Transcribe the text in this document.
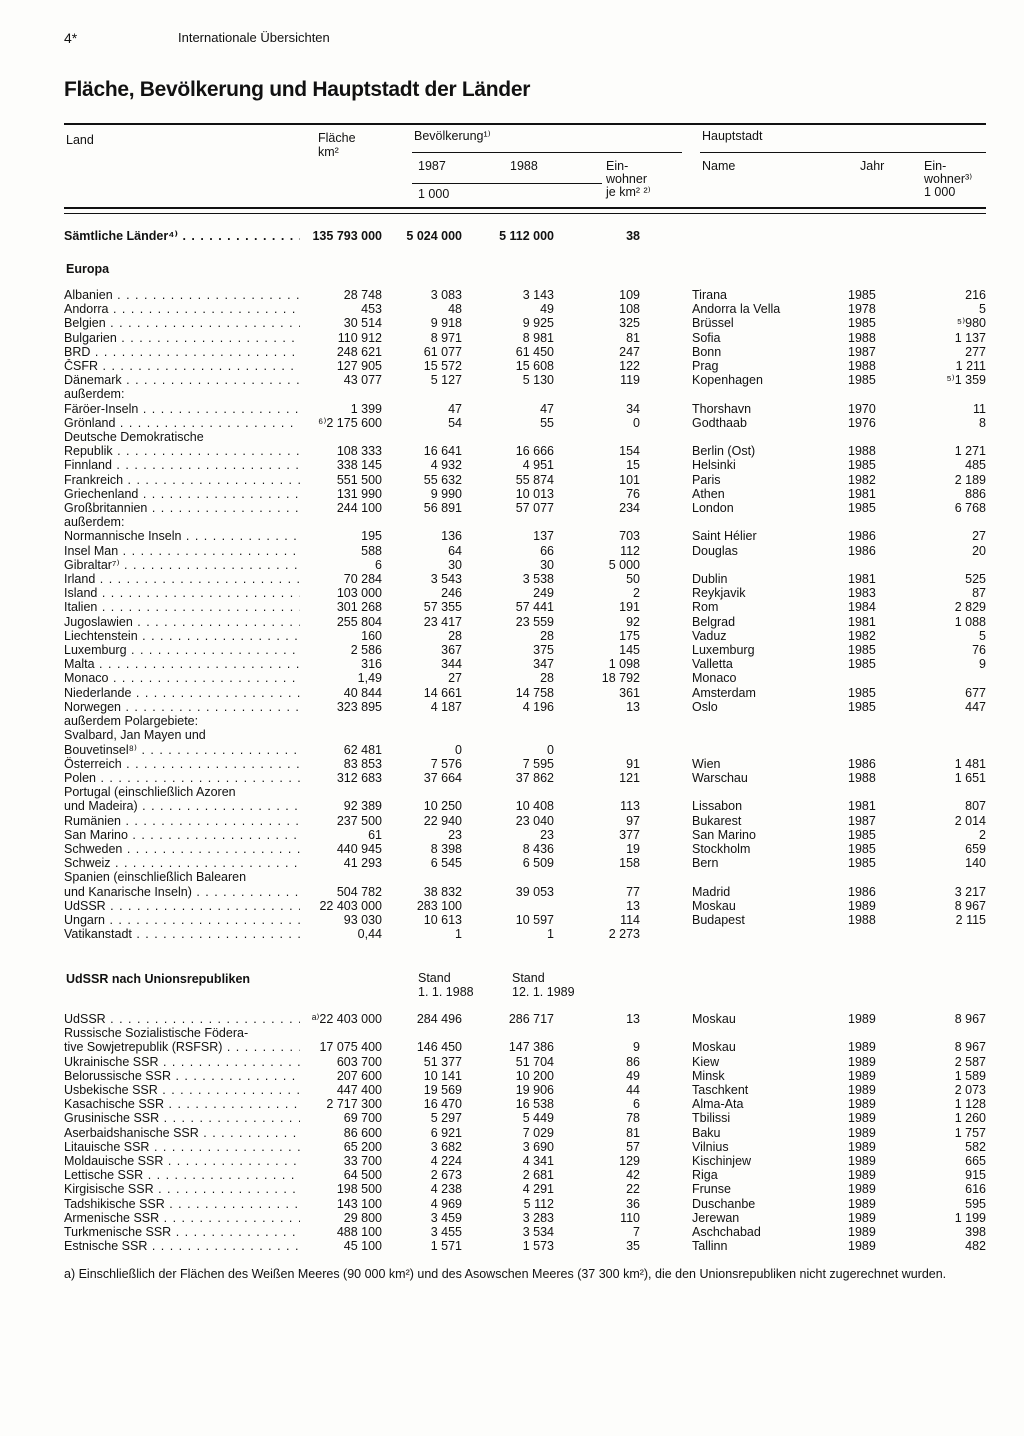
4*	Internationale Übersichten
Fläche, Bevölkerung und Hauptstadt der Länder
Land	Fläche
km²
Bevölkerung¹⁾
1987	1988	Ein-
wohner
je km² ²⁾
1 000
Hauptstadt
Name	Jahr	Ein-
wohner³⁾
1 000
Sämtliche Länder⁴⁾ . . .	135 793 000	5 024 000	5 112 000	38				
Europa
Albanien . . .	28 748	3 083	3 143	109		Tirana	1985	216
Andorra . . .	453	48	49	108		Andorra la Vella	1978	5
Belgien . . .	30 514	9 918	9 925	325		Brüssel	1985	⁵⁾980
Bulgarien . . .	110 912	8 971	8 981	81		Sofia	1988	1 137
BRD . . .	248 621	61 077	61 450	247		Bonn	1987	277
ČSFR . . .	127 905	15 572	15 608	122		Prag	1988	1 211
Dänemark . . .	43 077	5 127	5 130	119		Kopenhagen	1985	⁵⁾1 359
außerdem:								
Färöer-Inseln . . .	1 399	47	47	34		Thorshavn	1970	11
Grönland . . .	⁶⁾2 175 600	54	55	0		Godthaab	1976	8
Deutsche Demokratische								
Republik . . .	108 333	16 641	16 666	154		Berlin (Ost)	1988	1 271
Finnland . . .	338 145	4 932	4 951	15		Helsinki	1985	485
Frankreich . . .	551 500	55 632	55 874	101		Paris	1982	2 189
Griechenland . . .	131 990	9 990	10 013	76		Athen	1981	886
Großbritannien . . .	244 100	56 891	57 077	234		London	1985	6 768
außerdem:								
Normannische Inseln . . .	195	136	137	703		Saint Hélier	1986	27
Insel Man . . .	588	64	66	112		Douglas	1986	20
Gibraltar⁷⁾ . . .	6	30	30	5 000				
Irland . . .	70 284	3 543	3 538	50		Dublin	1981	525
Island . . .	103 000	246	249	2		Reykjavik	1983	87
Italien . . .	301 268	57 355	57 441	191		Rom	1984	2 829
Jugoslawien . . .	255 804	23 417	23 559	92		Belgrad	1981	1 088
Liechtenstein . . .	160	28	28	175		Vaduz	1982	5
Luxemburg . . .	2 586	367	375	145		Luxemburg	1985	76
Malta . . .	316	344	347	1 098		Valletta	1985	9
Monaco . . .	1,49	27	28	18 792		Monaco		
Niederlande . . .	40 844	14 661	14 758	361		Amsterdam	1985	677
Norwegen . . .	323 895	4 187	4 196	13		Oslo	1985	447
außerdem Polargebiete:								
Svalbard, Jan Mayen und								
Bouvetinsel⁸⁾ . . .	62 481	0	0					
Österreich . . .	83 853	7 576	7 595	91		Wien	1986	1 481
Polen . . .	312 683	37 664	37 862	121		Warschau	1988	1 651
Portugal (einschließlich Azoren								
und Madeira) . . .	92 389	10 250	10 408	113		Lissabon	1981	807
Rumänien . . .	237 500	22 940	23 040	97		Bukarest	1987	2 014
San Marino . . .	61	23	23	377		San Marino	1985	2
Schweden . . .	440 945	8 398	8 436	19		Stockholm	1985	659
Schweiz . . .	41 293	6 545	6 509	158		Bern	1985	140
Spanien (einschließlich Balearen								
und Kanarische Inseln) . . .	504 782	38 832	39 053	77		Madrid	1986	3 217
UdSSR . . .	22 403 000	283 100		13		Moskau	1989	8 967
Ungarn . . .	93 030	10 613	10 597	114		Budapest	1988	2 115
Vatikanstadt . . .	0,44	1	1	2 273				
UdSSR nach Unionsrepubliken	Stand
1. 1. 1988
Stand
12. 1. 1989
UdSSR . . .	ᵃ⁾22 403 000	284 496	286 717	13		Moskau	1989	8 967
Russische Sozialistische Föderа-								
tive Sowjetrepublik (RSFSR) . . .	17 075 400	146 450	147 386	9		Moskau	1989	8 967
Ukrainische SSR . . .	603 700	51 377	51 704	86		Kiew	1989	2 587
Belorussische SSR . . .	207 600	10 141	10 200	49		Minsk	1989	1 589
Usbekische SSR . . .	447 400	19 569	19 906	44		Taschkent	1989	2 073
Kasachische SSR . . .	2 717 300	16 470	16 538	6		Alma-Ata	1989	1 128
Grusinische SSR . . .	69 700	5 297	5 449	78		Tbilissi	1989	1 260
Aserbaidshanische SSR . . .	86 600	6 921	7 029	81		Baku	1989	1 757
Litauische SSR . . .	65 200	3 682	3 690	57		Vilnius	1989	582
Moldauische SSR . . .	33 700	4 224	4 341	129		Kischinjew	1989	665
Lettische SSR . . .	64 500	2 673	2 681	42		Riga	1989	915
Kirgisische SSR . . .	198 500	4 238	4 291	22		Frunse	1989	616
Tadshikische SSR . . .	143 100	4 969	5 112	36		Duschanbe	1989	595
Armenische SSR . . .	29 800	3 459	3 283	110		Jerewan	1989	1 199
Turkmenische SSR . . .	488 100	3 455	3 534	7		Aschchabad	1989	398
Estnische SSR . . .	45 100	1 571	1 573	35		Tallinn	1989	482
a) Einschließlich der Flächen des Weißen Meeres (90 000 km²) und des Asowschen Meeres (37 300 km²), die den Unionsrepubliken nicht zugerechnet wurden.
